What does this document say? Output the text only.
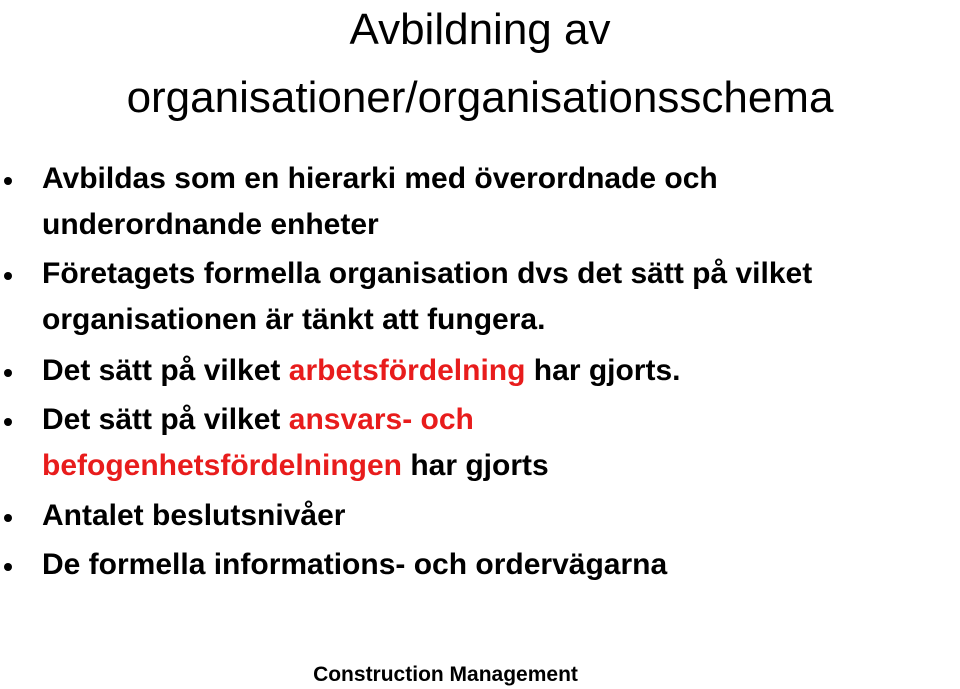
Avbildning av
organisationer/organisationsschema
Avbildas som en hierarki med överordnade och
underordnande enheter
Företagets formella organisation dvs det sätt på vilket
organisationen är tänkt att fungera.
Det sätt på vilket arbetsfördelning har gjorts.
Det sätt på vilket ansvars- och
befogenhetsfördelningen har gjorts
Antalet beslutsnivåer
De formella informations- och ordervägarna
Construction Management
